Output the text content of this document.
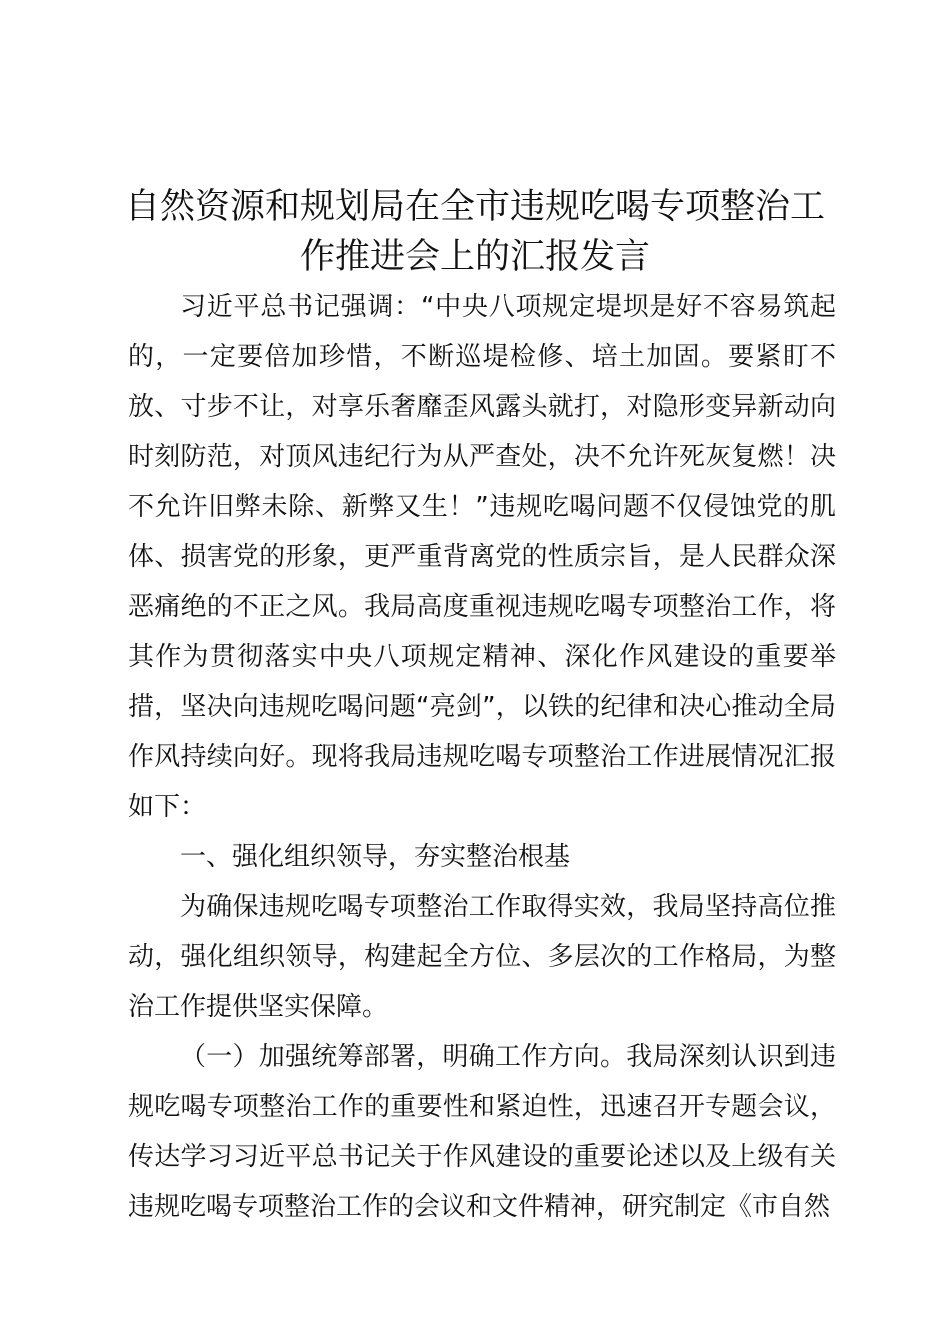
自然资源和规划局在全市违规吃喝专项整治工
作推进会上的汇报发言

习近平总书记强调：“中央八项规定堤坝是好不容易筑起的，一定要倍加珍惜，不断巡堤检修、培土加固。要紧盯不放、寸步不让，对享乐奢靡歪风露头就打，对隐形变异新动向时刻防范，对顶风违纪行为从严查处，决不允许死灰复燃！决不允许旧弊未除、新弊又生！”违规吃喝问题不仅侵蚀党的肌体、损害党的形象，更严重背离党的性质宗旨，是人民群众深恶痛绝的不正之风。我局高度重视违规吃喝专项整治工作，将其作为贯彻落实中央八项规定精神、深化作风建设的重要举措，坚决向违规吃喝问题“亮剑”，以铁的纪律和决心推动全局作风持续向好。现将我局违规吃喝专项整治工作进展情况汇报如下：

一、强化组织领导，夯实整治根基

为确保违规吃喝专项整治工作取得实效，我局坚持高位推动，强化组织领导，构建起全方位、多层次的工作格局，为整治工作提供坚实保障。

（一）加强统筹部署，明确工作方向。我局深刻认识到违规吃喝专项整治工作的重要性和紧迫性，迅速召开专题会议，传达学习习近平总书记关于作风建设的重要论述以及上级有关违规吃喝专项整治工作的会议和文件精神，研究制定《市自然
